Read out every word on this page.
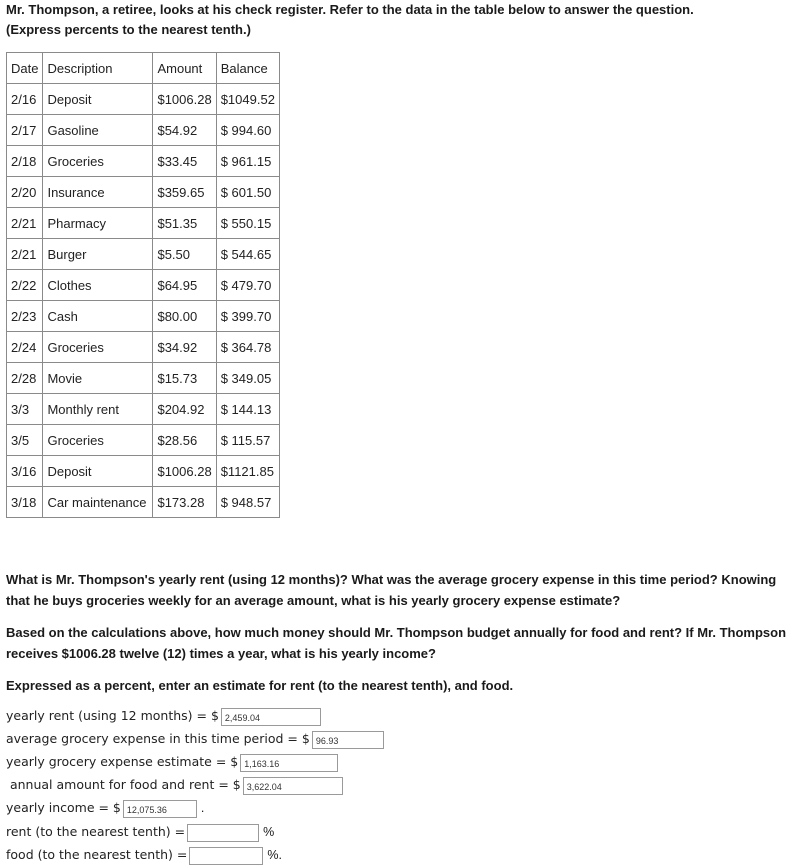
Mr. Thompson, a retiree, looks at his check register. Refer to the data in the table below to answer the question.

(Express percents to the nearest tenth.)

Date	Description	Amount	Balance
2/16	Deposit	$1006.28	$1049.52
2/17	Gasoline	$54.92	$ 994.60
2/18	Groceries	$33.45	$ 961.15
2/20	Insurance	$359.65	$ 601.50
2/21	Pharmacy	$51.35	$ 550.15
2/21	Burger	$5.50	$ 544.65
2/22	Clothes	$64.95	$ 479.70
2/23	Cash	$80.00	$ 399.70
2/24	Groceries	$34.92	$ 364.78
2/28	Movie	$15.73	$ 349.05
3/3	Monthly rent	$204.92	$ 144.13
3/5	Groceries	$28.56	$ 115.57
3/16	Deposit	$1006.28	$1121.85
3/18	Car maintenance	$173.28	$ 948.57

What is Mr. Thompson's yearly rent (using 12 months)? What was the average grocery expense in this time period? Knowing that he buys groceries weekly for an average amount, what is his yearly grocery expense estimate?

Based on the calculations above, how much money should Mr. Thompson budget annually for food and rent? If Mr. Thompson receives $1006.28 twelve (12) times a year, what is his yearly income?

Expressed as a percent, enter an estimate for rent (to the nearest tenth), and food.

yearly rent (using 12 months) = $ 2,459.04
average grocery expense in this time period = $ 96.93
yearly grocery expense estimate = $ 1,163.16
annual amount for food and rent = $ 3,622.04
yearly income = $ 12,075.36	.
rent (to the nearest tenth) =	%
food (to the nearest tenth) =	%.
